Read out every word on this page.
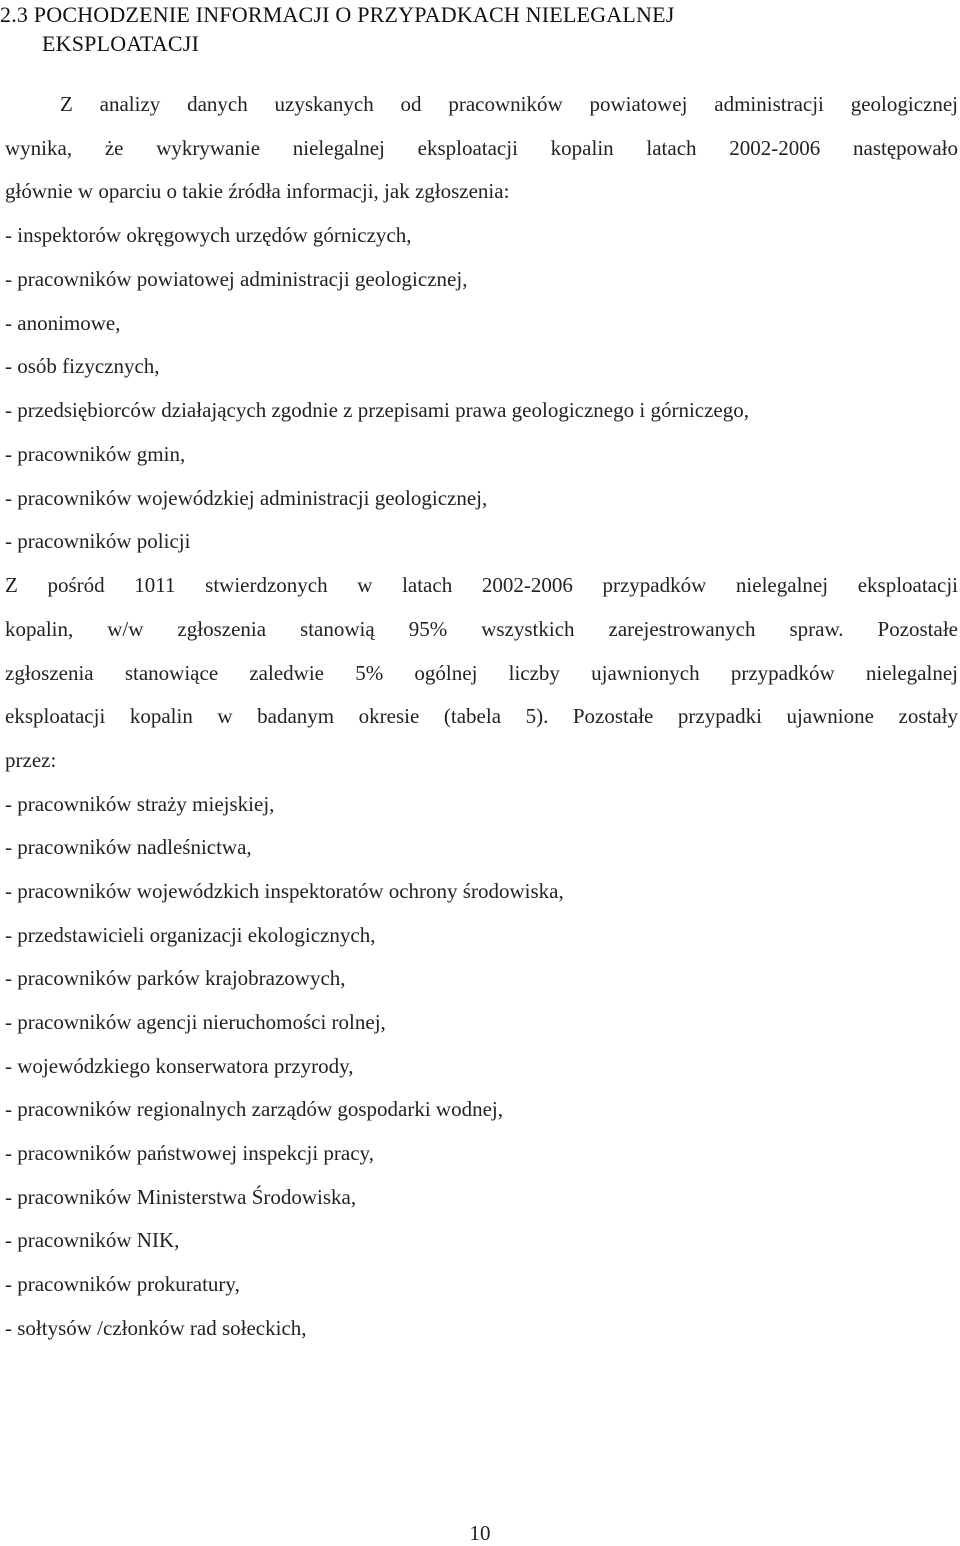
2.3 POCHODZENIE INFORMACJI O PRZYPADKACH NIELEGALNEJ
EKSPLOATACJI
Z analizy danych uzyskanych od pracowników powiatowej administracji geologicznej
wynika, że wykrywanie nielegalnej eksploatacji kopalin latach 2002-2006 następowało
głównie w oparciu o takie źródła informacji, jak zgłoszenia:
- inspektorów okręgowych urzędów górniczych,
- pracowników powiatowej administracji geologicznej,
- anonimowe,
- osób fizycznych,
- przedsiębiorców działających zgodnie z przepisami prawa geologicznego i górniczego,
- pracowników gmin,
- pracowników wojewódzkiej administracji geologicznej,
- pracowników policji
Z pośród 1011 stwierdzonych w latach 2002-2006 przypadków nielegalnej eksploatacji
kopalin, w/w zgłoszenia stanowią 95% wszystkich zarejestrowanych spraw. Pozostałe
zgłoszenia stanowiące zaledwie 5% ogólnej liczby ujawnionych przypadków nielegalnej
eksploatacji kopalin w badanym okresie (tabela 5). Pozostałe przypadki ujawnione zostały
przez:
- pracowników straży miejskiej,
- pracowników nadleśnictwa,
- pracowników wojewódzkich inspektoratów ochrony środowiska,
- przedstawicieli organizacji ekologicznych,
- pracowników parków krajobrazowych,
- pracowników agencji nieruchomości rolnej,
- wojewódzkiego konserwatora przyrody,
- pracowników regionalnych zarządów gospodarki wodnej,
- pracowników państwowej inspekcji pracy,
- pracowników Ministerstwa Środowiska,
- pracowników NIK,
- pracowników prokuratury,
- sołtysów /członków rad sołeckich,
10
